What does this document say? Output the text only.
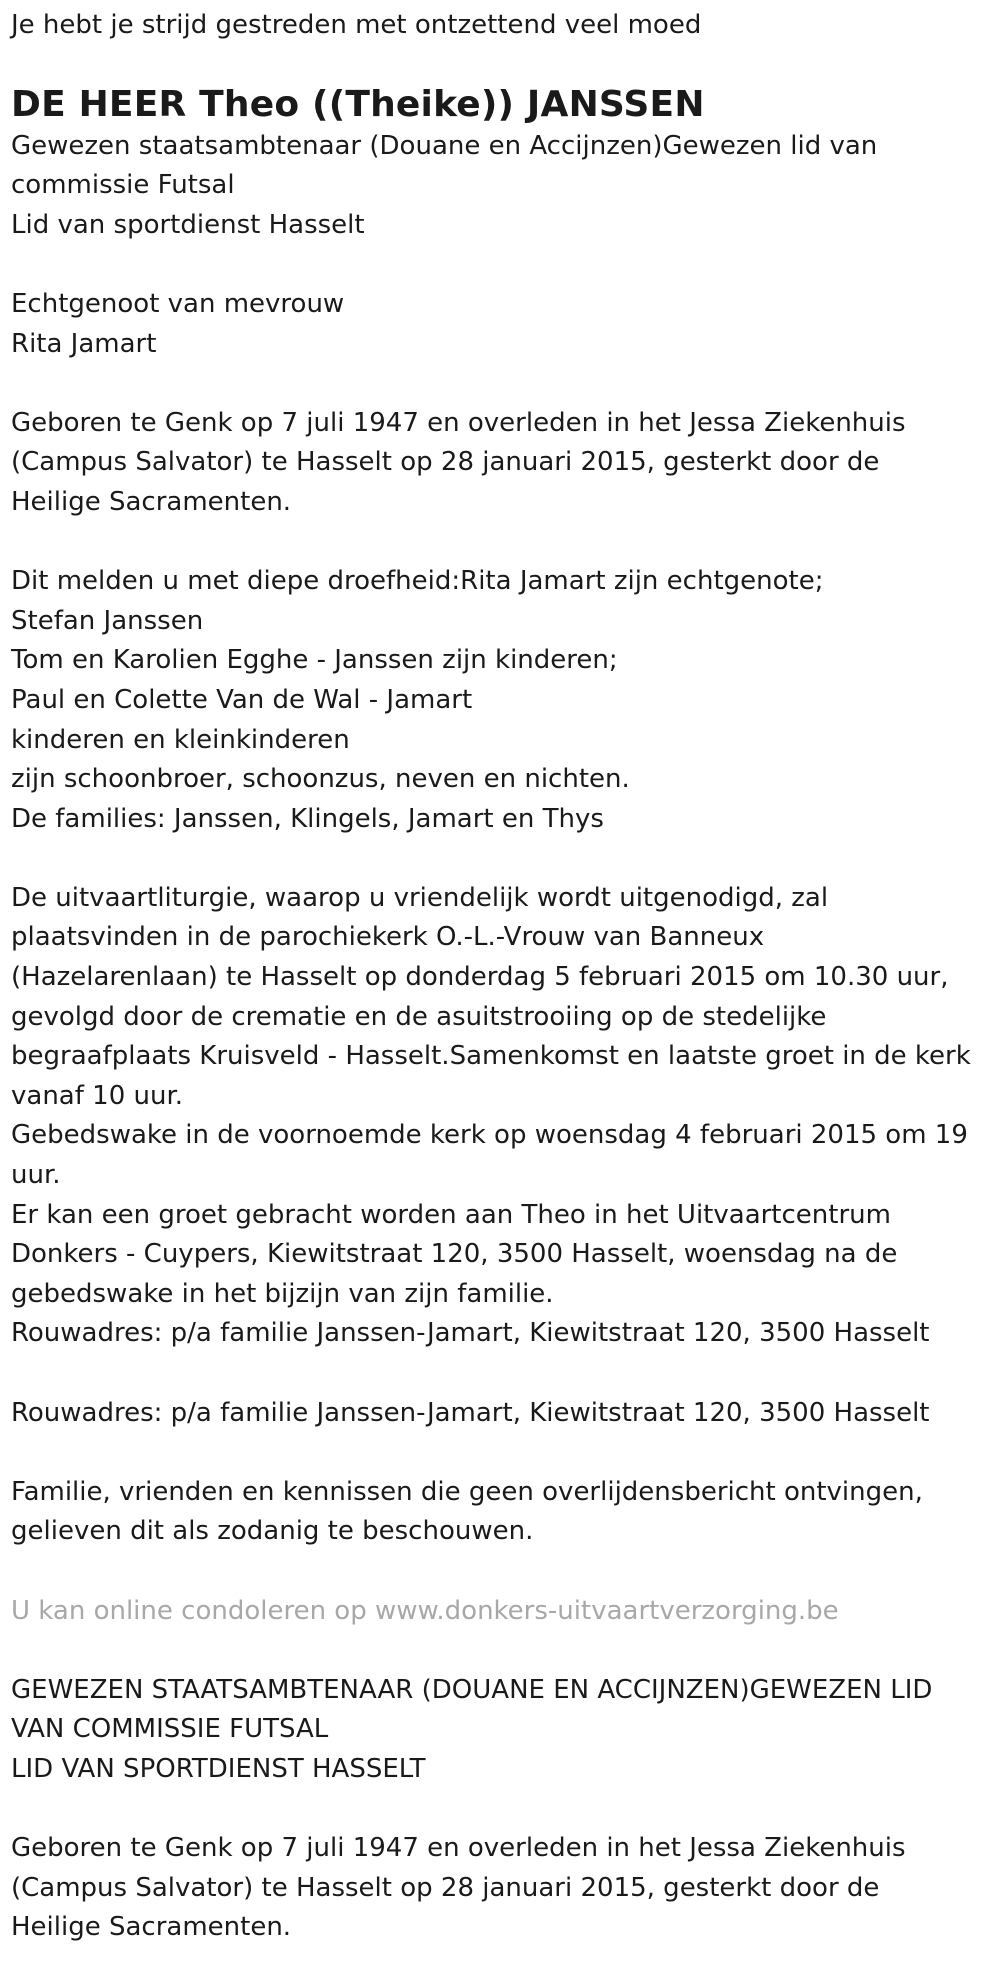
Je hebt je strijd gestreden met ontzettend veel moed

DE HEER Theo ((Theike)) JANSSEN

Gewezen staatsambtenaar (Douane en Accijnzen)Gewezen lid van

commissie Futsal

Lid van sportdienst Hasselt

Echtgenoot van mevrouw

Rita Jamart

Geboren te Genk op 7 juli 1947 en overleden in het Jessa Ziekenhuis

(Campus Salvator) te Hasselt op 28 januari 2015, gesterkt door de

Heilige Sacramenten.

Dit melden u met diepe droefheid:Rita Jamart zijn echtgenote;

Stefan Janssen

Tom en Karolien Egghe - Janssen zijn kinderen;

Paul en Colette Van de Wal - Jamart

kinderen en kleinkinderen

zijn schoonbroer, schoonzus, neven en nichten.

De families: Janssen, Klingels, Jamart en Thys

De uitvaartliturgie, waarop u vriendelijk wordt uitgenodigd, zal

plaatsvinden in de parochiekerk O.-L.-Vrouw van Banneux

(Hazelarenlaan) te Hasselt op donderdag 5 februari 2015 om 10.30 uur,

gevolgd door de crematie en de asuitstrooiing op de stedelijke

begraafplaats Kruisveld - Hasselt.Samenkomst en laatste groet in de kerk

vanaf 10 uur.

Gebedswake in de voornoemde kerk op woensdag 4 februari 2015 om 19

uur.

Er kan een groet gebracht worden aan Theo in het Uitvaartcentrum

Donkers - Cuypers, Kiewitstraat 120, 3500 Hasselt, woensdag na de

gebedswake in het bijzijn van zijn familie.

Rouwadres: p/a familie Janssen-Jamart, Kiewitstraat 120, 3500 Hasselt

Rouwadres: p/a familie Janssen-Jamart, Kiewitstraat 120, 3500 Hasselt

Familie, vrienden en kennissen die geen overlijdensbericht ontvingen,

gelieven dit als zodanig te beschouwen.

U kan online condoleren op www.donkers-uitvaartverzorging.be

GEWEZEN STAATSAMBTENAAR (DOUANE EN ACCIJNZEN)GEWEZEN LID

VAN COMMISSIE FUTSAL

LID VAN SPORTDIENST HASSELT

Geboren te Genk op 7 juli 1947 en overleden in het Jessa Ziekenhuis

(Campus Salvator) te Hasselt op 28 januari 2015, gesterkt door de

Heilige Sacramenten.
